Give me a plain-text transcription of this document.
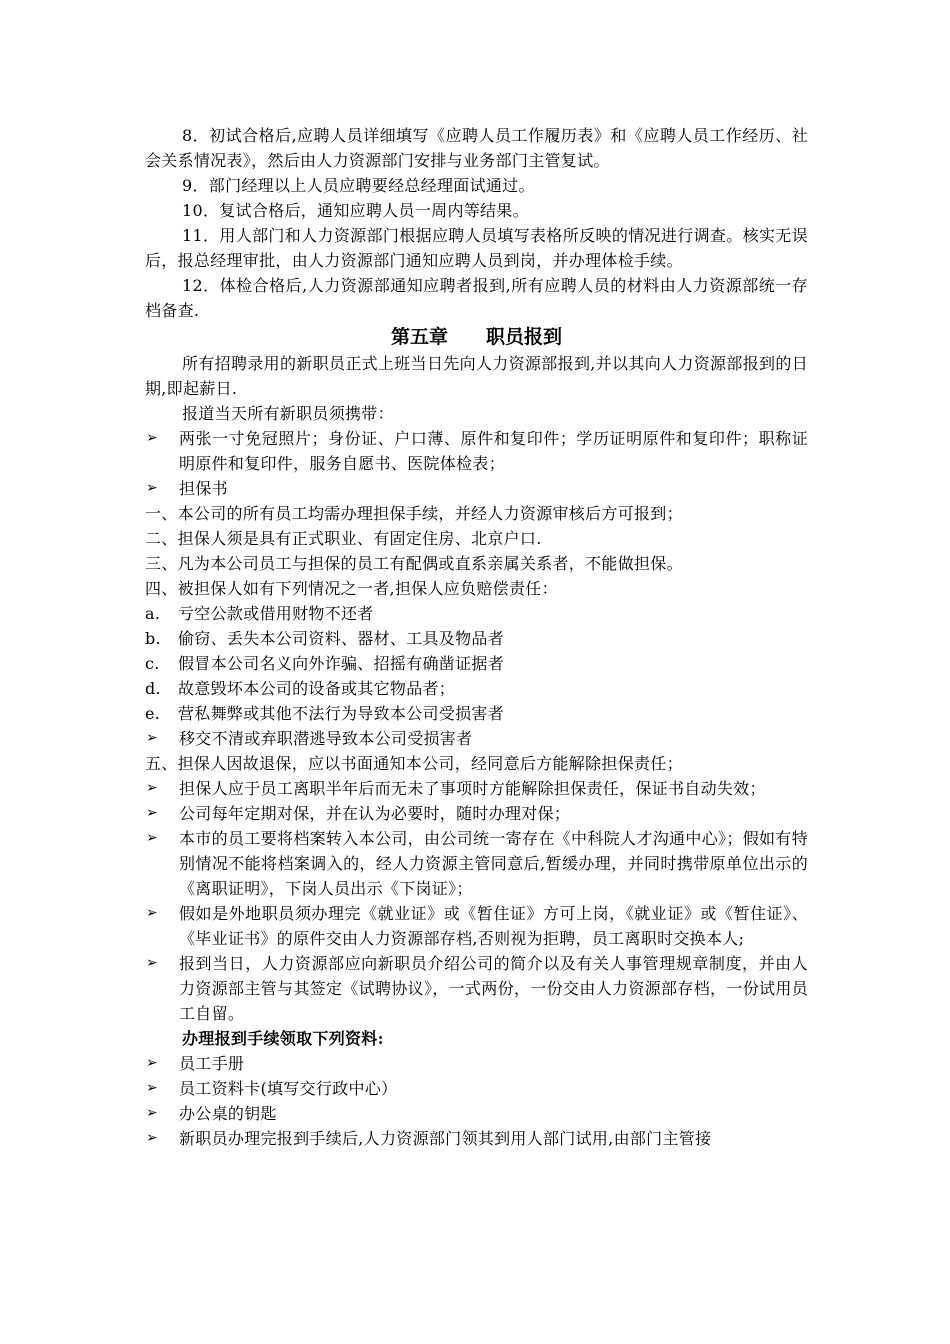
8．初试合格后,应聘人员详细填写《应聘人员工作履历表》和《应聘人员工作经历、社会关系情况表》，然后由人力资源部门安排与业务部门主管复试。

9．部门经理以上人员应聘要经总经理面试通过。

10．复试合格后，通知应聘人员一周内等结果。

11．用人部门和人力资源部门根据应聘人员填写表格所反映的情况进行调查。核实无误后，报总经理审批，由人力资源部门通知应聘人员到岗，并办理体检手续。

12．体检合格后,人力资源部通知应聘者报到,所有应聘人员的材料由人力资源部统一存档备查.

第五章　　职员报到

所有招聘录用的新职员正式上班当日先向人力资源部报到,并以其向人力资源部报到的日期,即起薪日.

报道当天所有新职员须携带：

➢	两张一寸免冠照片；身份证、户口薄、原件和复印件；学历证明原件和复印件；职称证明原件和复印件，服务自愿书、医院体检表；
➢	担保书

一、本公司的所有员工均需办理担保手续，并经人力资源审核后方可报到；

二、担保人须是具有正式职业、有固定住房、北京户口.

三、凡为本公司员工与担保的员工有配偶或直系亲属关系者，不能做担保。

四、被担保人如有下列情况之一者,担保人应负赔偿责任：

a.	亏空公款或借用财物不还者
b.	偷窃、丢失本公司资料、器材、工具及物品者
c.	假冒本公司名义向外诈骗、招摇有确凿证据者
d.	故意毁坏本公司的设备或其它物品者；
e.	营私舞弊或其他不法行为导致本公司受损害者
➢	移交不清或弃职潜逃导致本公司受损害者

五、担保人因故退保，应以书面通知本公司，经同意后方能解除担保责任；

➢	担保人应于员工离职半年后而无未了事项时方能解除担保责任，保证书自动失效；
➢	公司每年定期对保，并在认为必要时，随时办理对保；
➢	本市的员工要将档案转入本公司，由公司统一寄存在《中科院人才沟通中心》；假如有特别情况不能将档案调入的，经人力资源主管同意后,暂缓办理，并同时携带原单位出示的《离职证明》，下岗人员出示《下岗证》；
➢	假如是外地职员须办理完《就业证》或《暂住证》方可上岗，《就业证》或《暂住证》、《毕业证书》的原件交由人力资源部存档,否则视为拒聘，员工离职时交换本人;
➢	报到当日，人力资源部应向新职员介绍公司的简介以及有关人事管理规章制度，并由人力资源部主管与其签定《试聘协议》，一式两份，一份交由人力资源部存档，一份试用员工自留。

办理报到手续领取下列资料:

➢	员工手册
➢	员工资料卡(填写交行政中心）
➢	办公桌的钥匙
➢	新职员办理完报到手续后,人力资源部门领其到用人部门试用,由部门主管接
